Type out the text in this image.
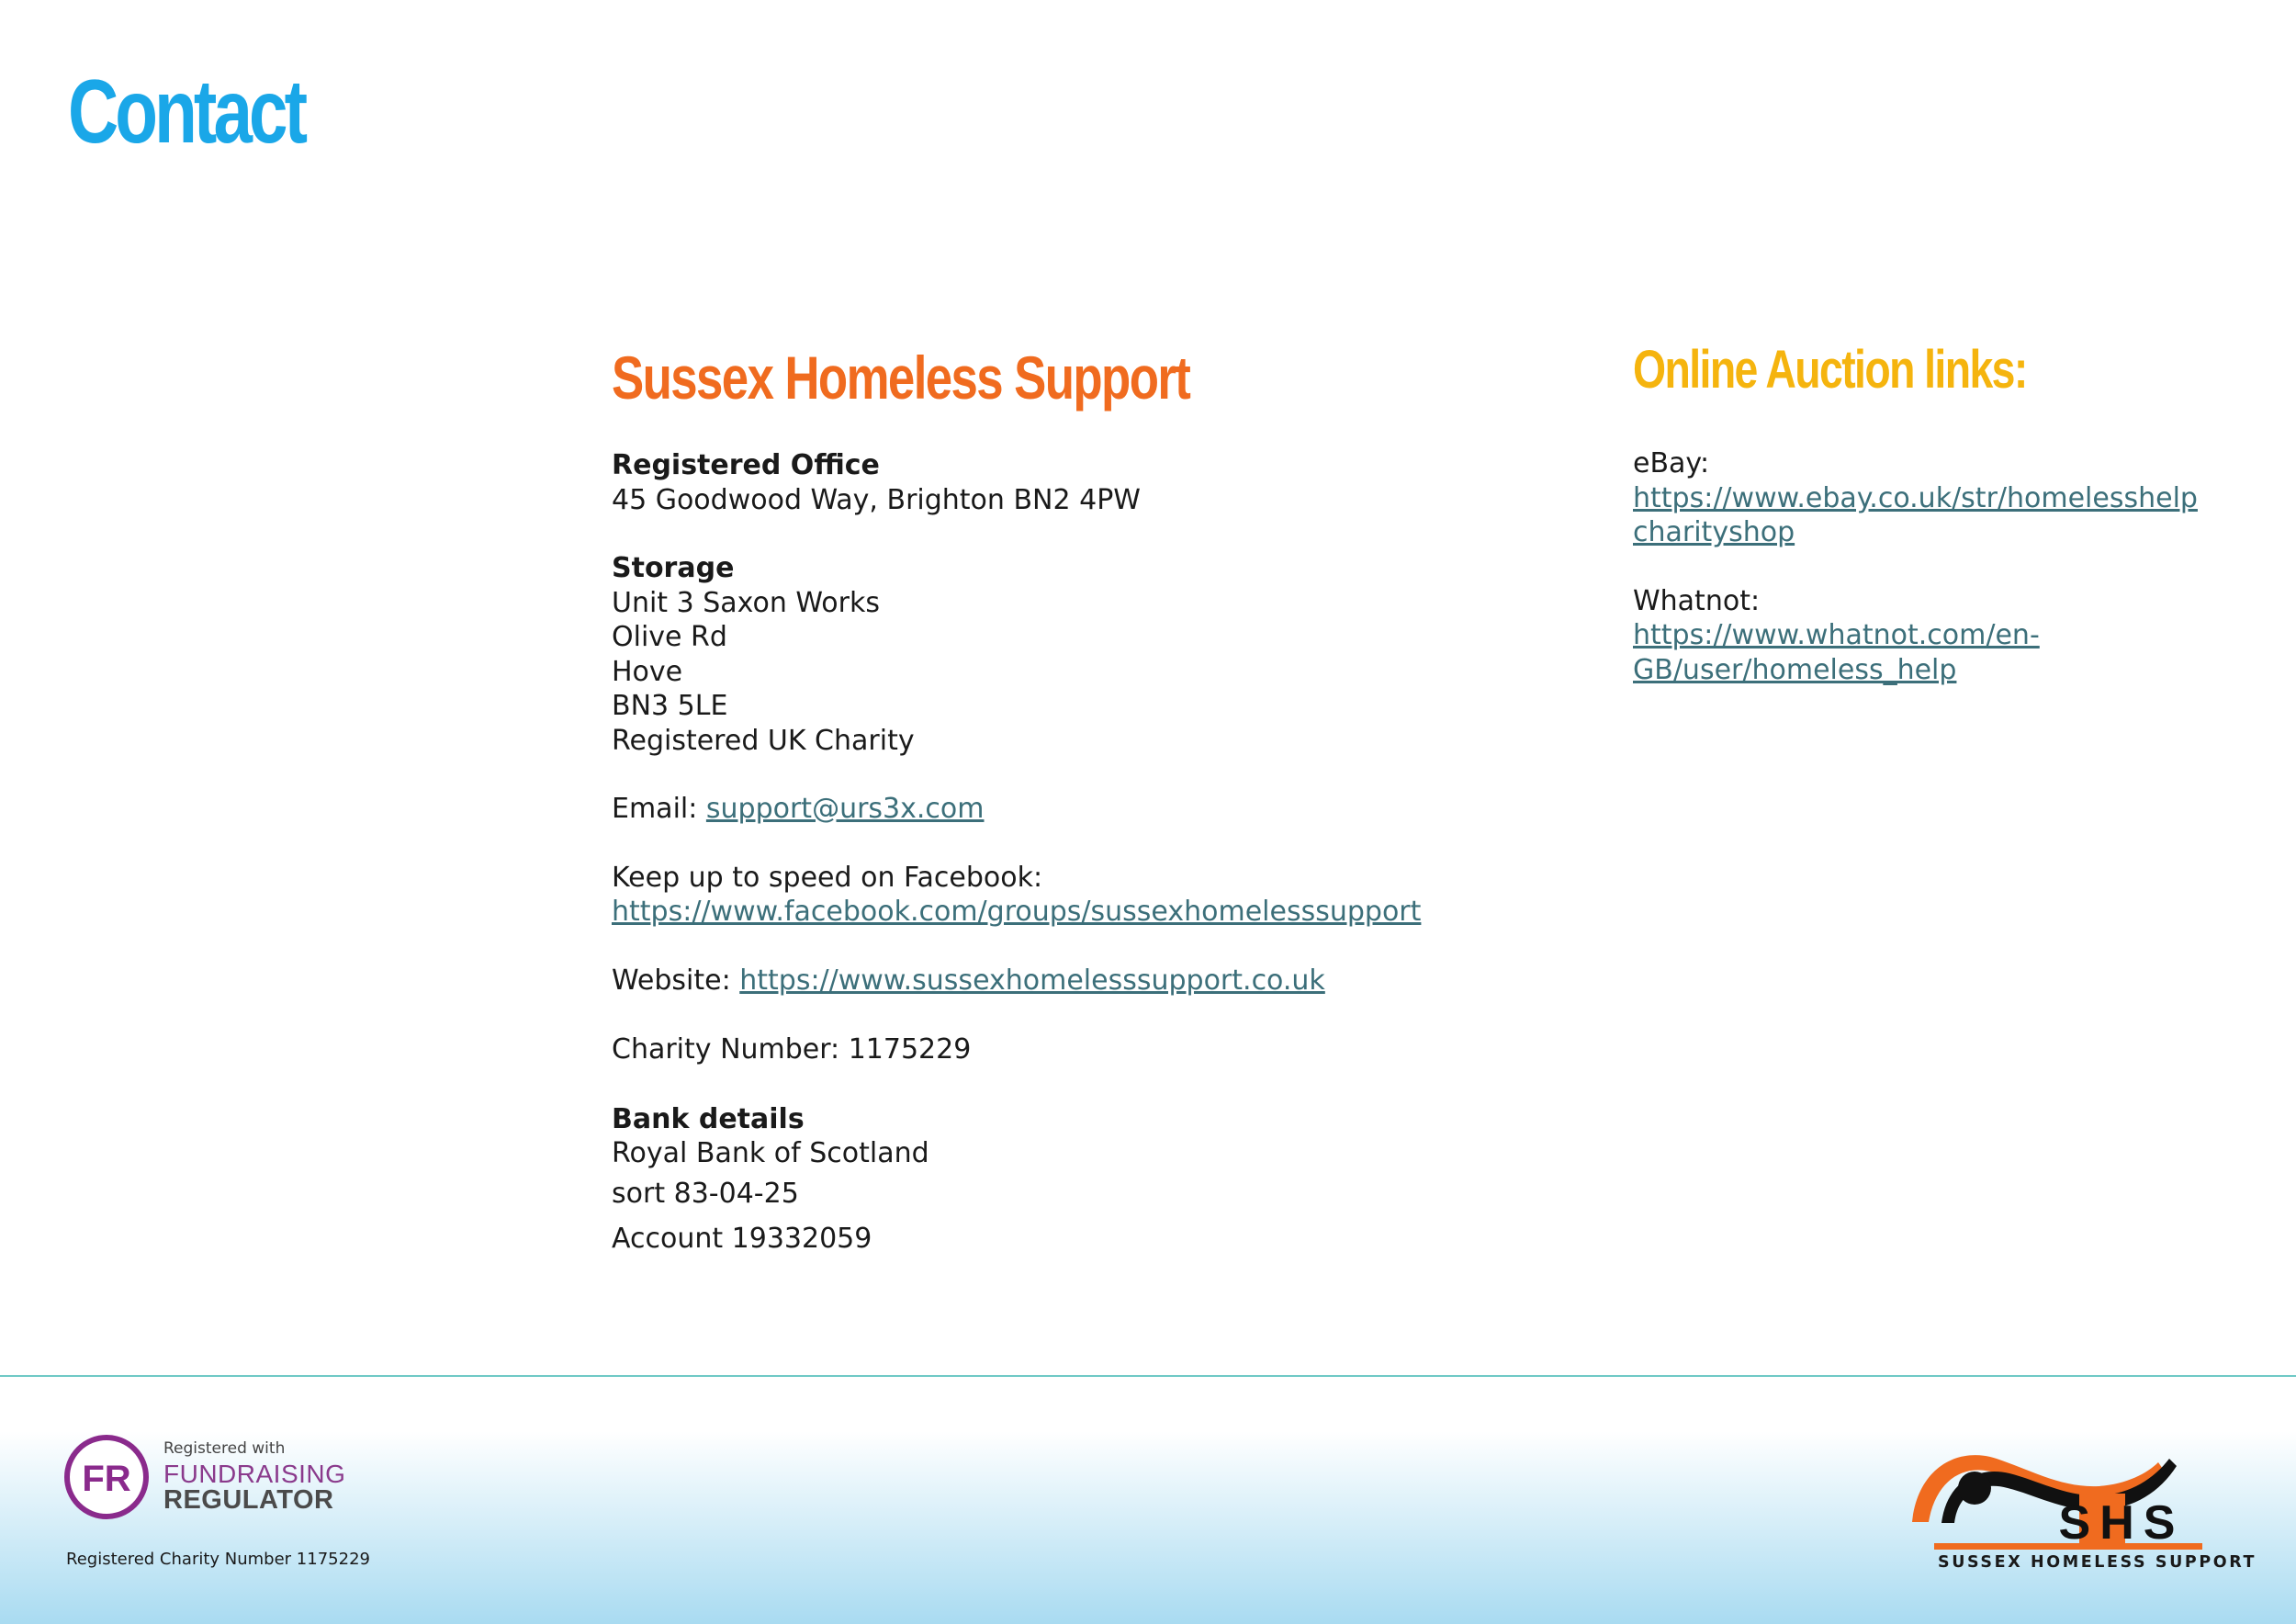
Contact
Sussex Homeless Support
Registered Office
45 Goodwood Way, Brighton BN2 4PW
Storage
Unit 3 Saxon Works
Olive Rd
Hove
BN3 5LE
Registered UK Charity
Email: support@urs3x.com
Keep up to speed on Facebook:
https://www.facebook.com/groups/sussexhomelesssupport
Website: https://www.sussexhomelesssupport.co.uk
Charity Number: 1175229
Bank details
Royal Bank of Scotland
sort 83-04-25
Account 19332059
Online Auction links:
eBay:
https://www.ebay.co.uk/str/homelesshelpcharityshop
Whatnot:
https://www.whatnot.com/en-GB/user/homeless_help
FR
Registered with
FUNDRAISING
REGULATOR
Registered Charity Number 1175229
SHS
SUSSEX HOMELESS SUPPORT
